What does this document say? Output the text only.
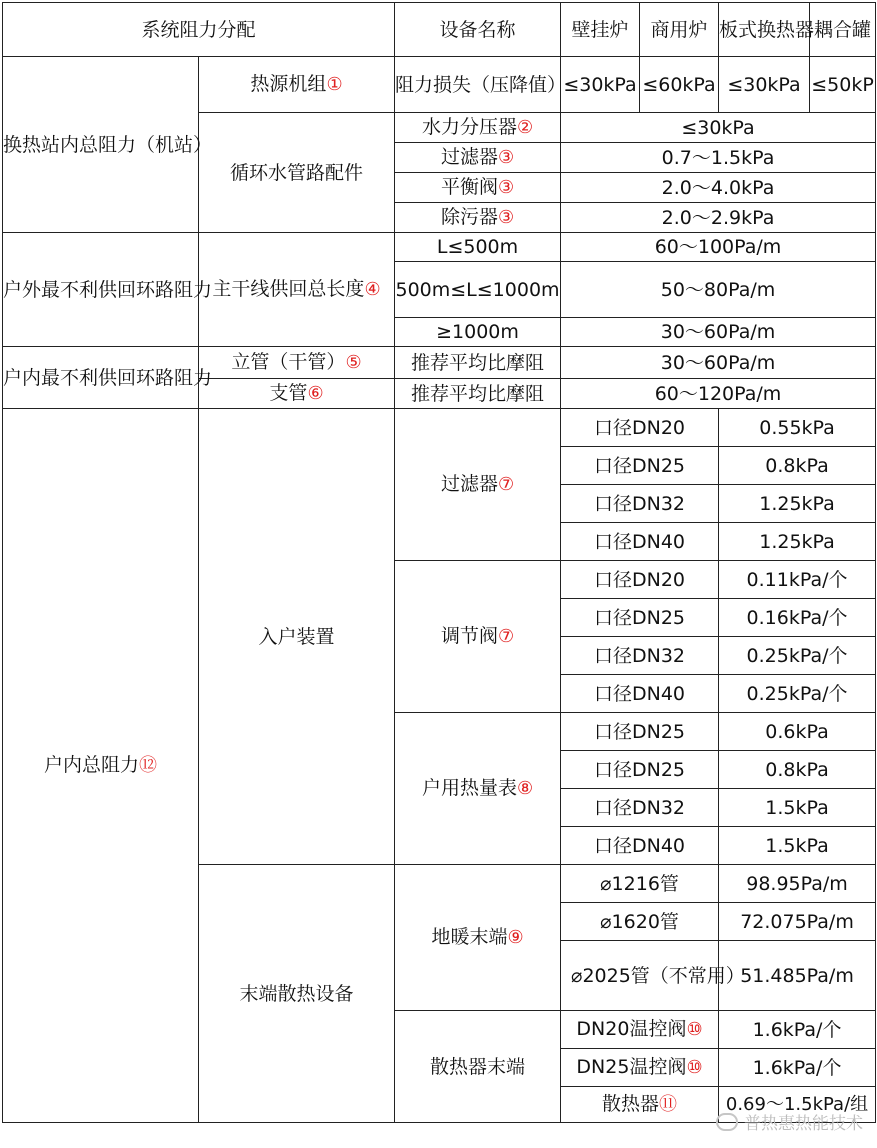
系统阻力分配		设备名称	壁挂炉	商用炉	板式换热器	耦合罐
换热站内总阻力（机站）	热源机组①	阻力损失（压降值）	≤30kPa	≤60kPa	≤30kPa	≤50kP
	循环水管路配件	水力分压器②	≤30kPa			
		过滤器③	0.7～1.5kPa			
		平衡阀③	2.0～4.0kPa			
		除污器③	2.0～2.9kPa			
户外最不利供回环路阻力	主干线供回总长度④	L≤500m	60～100Pa/m			
		500m≤L≤1000m	50～80Pa/m			
		≥1000m	30～60Pa/m			
户内最不利供回环路阻力	立管（干管）⑤	推荐平均比摩阻	30～60Pa/m			
	支管⑥	推荐平均比摩阻	60～120Pa/m			
户内总阻力⑫	入户装置	过滤器⑦	口径DN20		0.55kPa	
			口径DN25		0.8kPa	
			口径DN32		1.25kPa	
			口径DN40		1.25kPa	
		调节阀⑦	口径DN20		0.11kPa/个	
			口径DN25		0.16kPa/个	
			口径DN32		0.25kPa/个	
			口径DN40		0.25kPa/个	
		户用热量表⑧	口径DN25		0.6kPa	
			口径DN25		0.8kPa	
			口径DN32		1.5kPa	
			口径DN40		1.5kPa	
	末端散热设备	地暖末端⑨	⌀1216管		98.95Pa/m	
			⌀1620管		72.075Pa/m	
			⌀2025管（不常用）		51.485Pa/m	
		散热器末端	DN20温控阀⑩		1.6kPa/个	
			DN25温控阀⑩		1.6kPa/个	
			散热器⑪		0.69～1.5kPa/组	
普热惠热能技术
